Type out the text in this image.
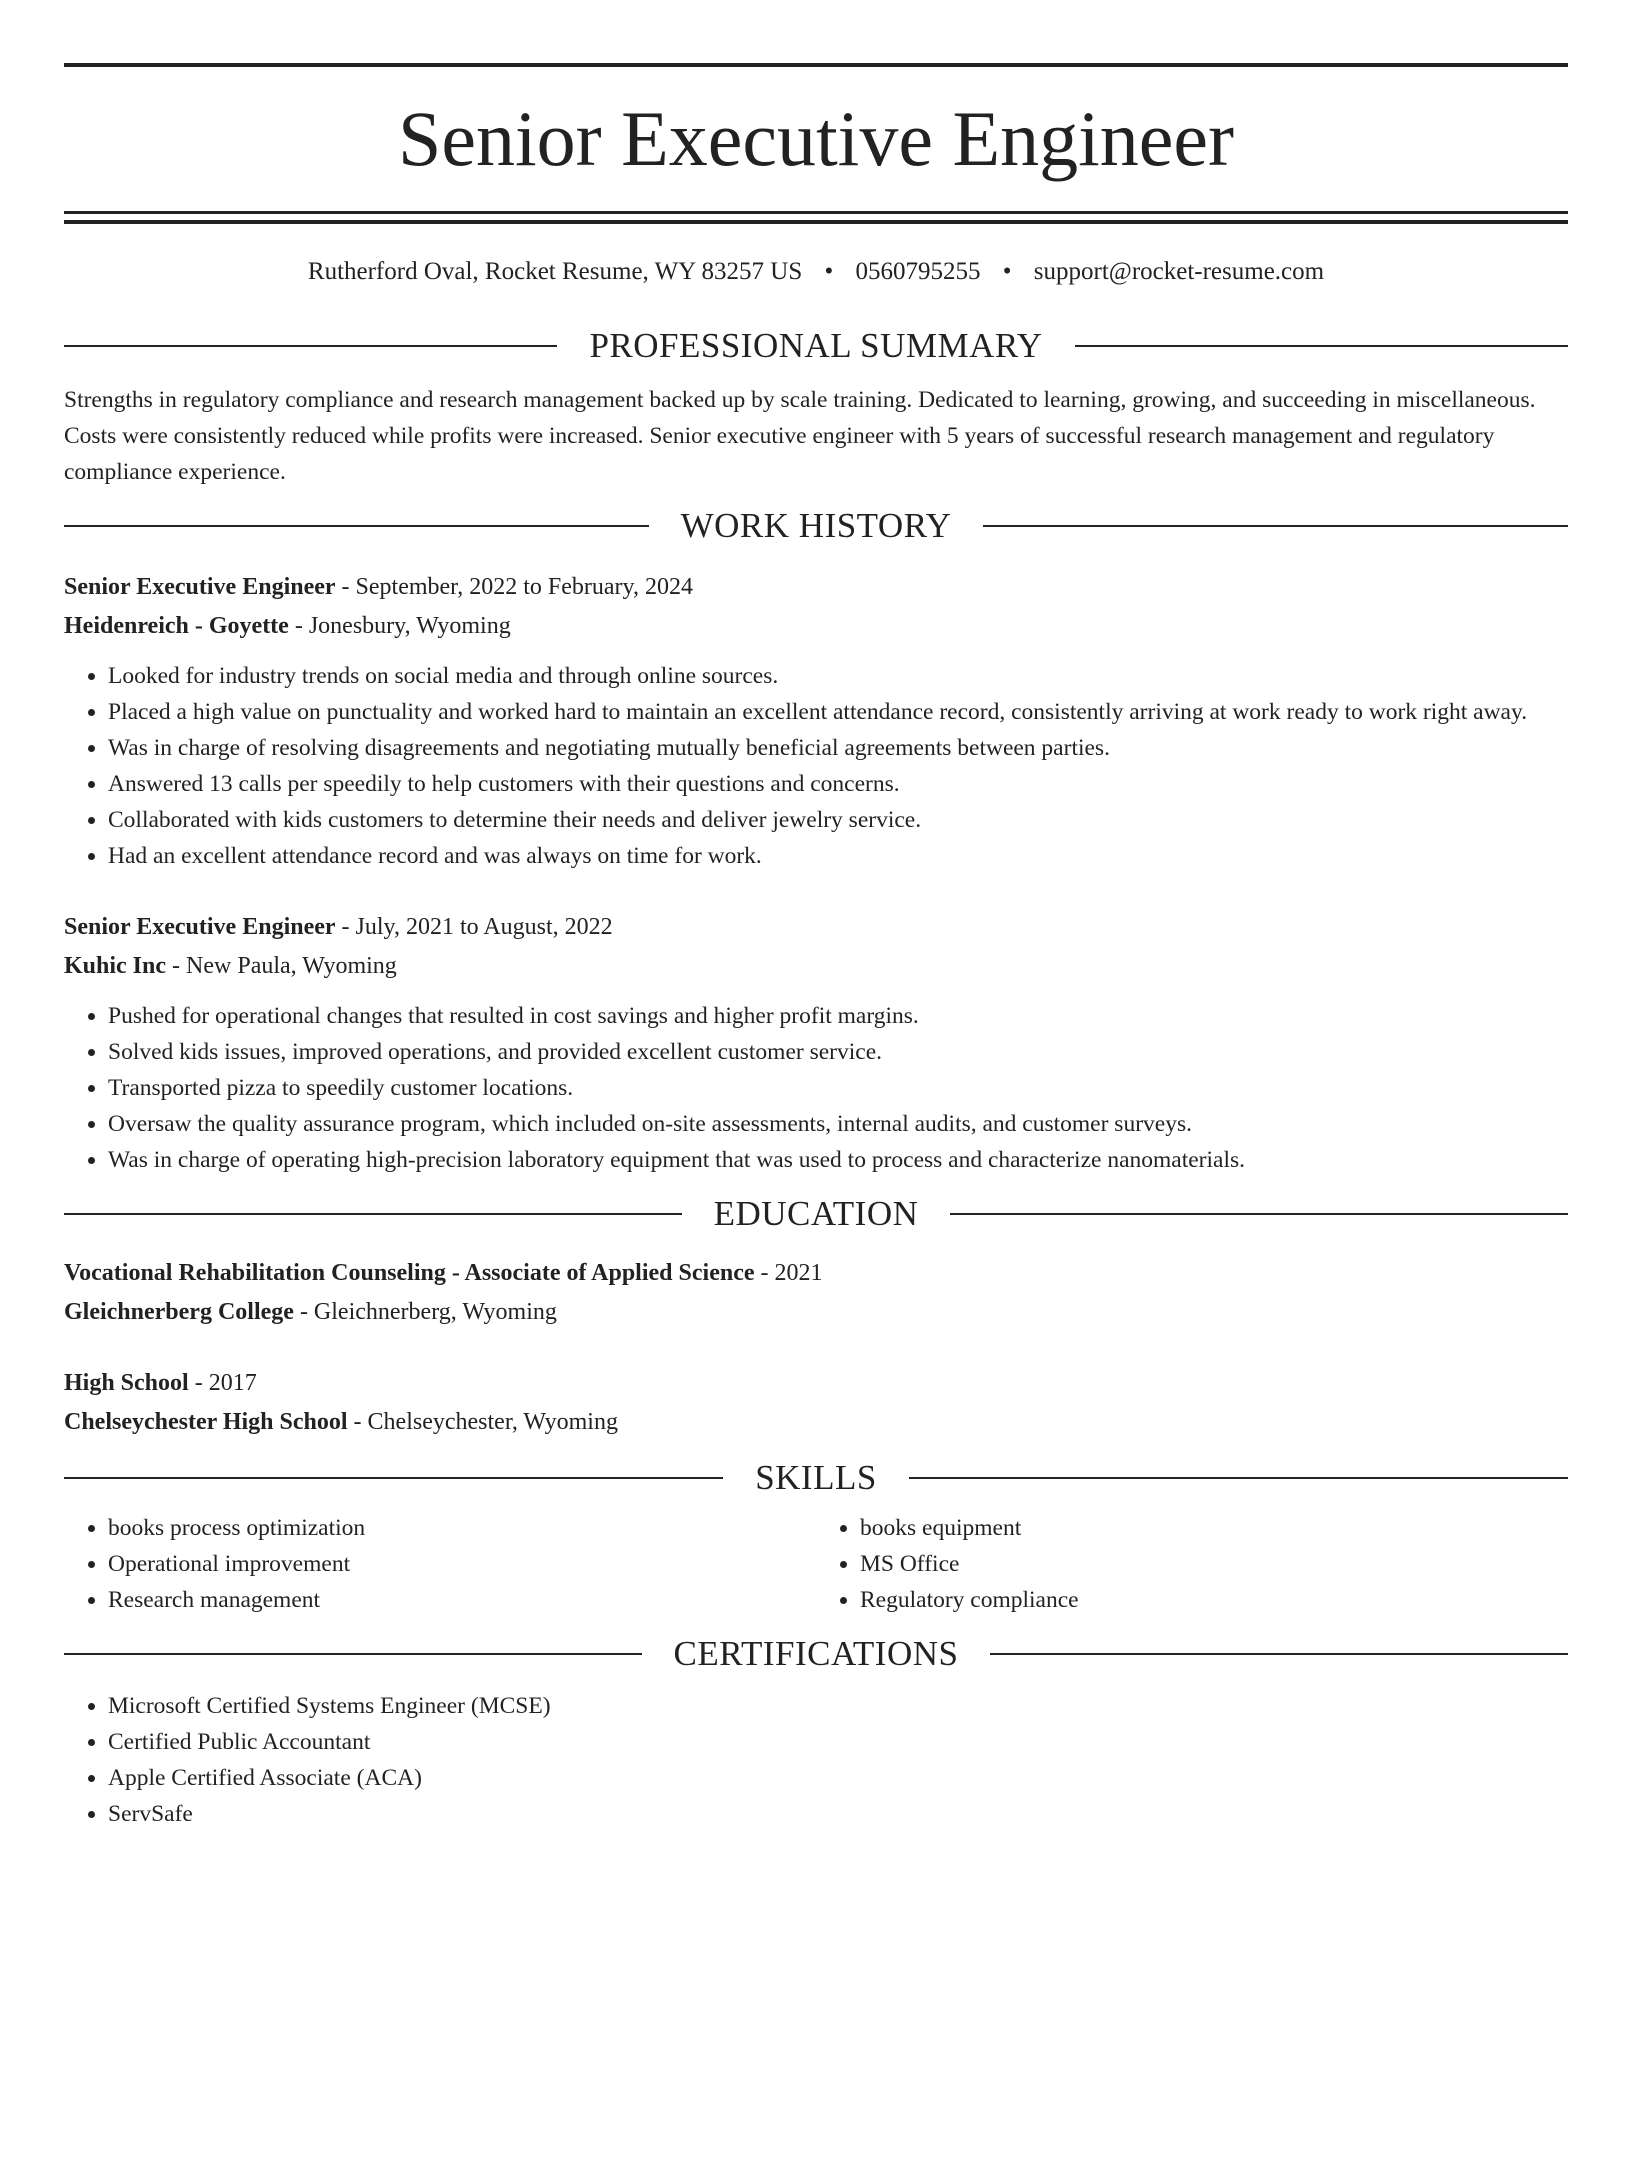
Senior Executive Engineer
Rutherford Oval, Rocket Resume, WY 83257 US • 0560795255 • support@rocket-resume.com
PROFESSIONAL SUMMARY
Strengths in regulatory compliance and research management backed up by scale training. Dedicated to learning, growing, and succeeding in miscellaneous. Costs were consistently reduced while profits were increased. Senior executive engineer with 5 years of successful research management and regulatory compliance experience.
WORK HISTORY
Senior Executive Engineer - September, 2022 to February, 2024
Heidenreich - Goyette - Jonesbury, Wyoming
• Looked for industry trends on social media and through online sources.
• Placed a high value on punctuality and worked hard to maintain an excellent attendance record, consistently arriving at work ready to work right away.
• Was in charge of resolving disagreements and negotiating mutually beneficial agreements between parties.
• Answered 13 calls per speedily to help customers with their questions and concerns.
• Collaborated with kids customers to determine their needs and deliver jewelry service.
• Had an excellent attendance record and was always on time for work.
Senior Executive Engineer - July, 2021 to August, 2022
Kuhic Inc - New Paula, Wyoming
• Pushed for operational changes that resulted in cost savings and higher profit margins.
• Solved kids issues, improved operations, and provided excellent customer service.
• Transported pizza to speedily customer locations.
• Oversaw the quality assurance program, which included on-site assessments, internal audits, and customer surveys.
• Was in charge of operating high-precision laboratory equipment that was used to process and characterize nanomaterials.
EDUCATION
Vocational Rehabilitation Counseling - Associate of Applied Science - 2021
Gleichnerberg College - Gleichnerberg, Wyoming
High School - 2017
Chelseychester High School - Chelseychester, Wyoming
SKILLS
• books process optimization
• Operational improvement
• Research management
• books equipment
• MS Office
• Regulatory compliance
CERTIFICATIONS
• Microsoft Certified Systems Engineer (MCSE)
• Certified Public Accountant
• Apple Certified Associate (ACA)
• ServSafe
